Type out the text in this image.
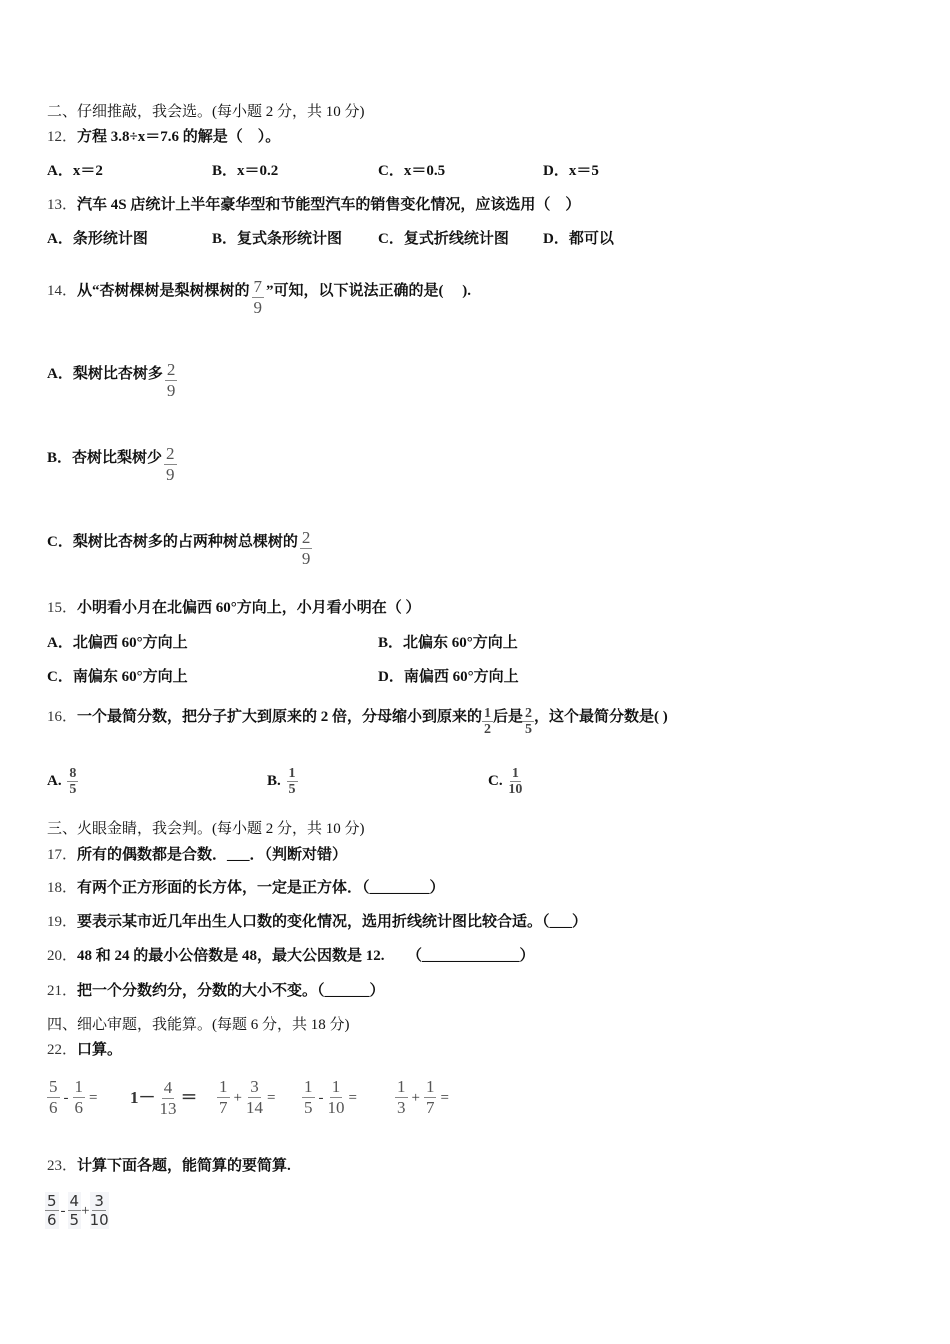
二、仔细推敲，我会选。(每小题 2 分，共 10 分)
12．方程 3.8÷x＝7.6 的解是（　）。
A．x＝2	B．x＝0.2	C．x＝0.5	D．x＝5
13．汽车 4S 店统计上半年豪华型和节能型汽车的销售变化情况，应该选用（　）
A．条形统计图	B．复式条形统计图 C．复式折线统计图 D．都可以
14．从“杏树棵树是梨树棵树的 $\frac{7}{9}$ ”可知，以下说法正确的是(　 ).
A．梨树比杏树多 $\frac{2}{9}$
B．杏树比梨树少 $\frac{2}{9}$
C．梨树比杏树多的占两种树总棵树的 $\frac{2}{9}$
15．小明看小月在北偏西 60°方向上，小月看小明在（ ）
A．北偏西 60°方向上	B．北偏东 60°方向上
C．南偏东 60°方向上	D．南偏西 60°方向上
16．一个最简分数，把分子扩大到原来的 2 倍，分母缩小到原来的 $\frac{1}{2}$ 后是 $\frac{2}{5}$ ，这个最简分数是( )
A. $\frac{8}{5}$	B. $\frac{1}{5}$	C. $\frac{1}{10}$
三、火眼金睛，我会判。(每小题 2 分，共 10 分)
17．所有的偶数都是合数．___．（判断对错）
18．有两个正方形面的长方体，一定是正方体．（________）
19．要表示某市近几年出生人口数的变化情况，选用折线统计图比较合适。（___）
20．48 和 24 的最小公倍数是 48，最大公因数是 12.　　（_____________）
21．把一个分数约分，分数的大小不变。（______）
四、细心审题，我能算。(每题 6 分，共 18 分)
22．口算。
$\frac{5}{6} - \frac{1}{6} = 1- \frac{4}{13} = \frac{1}{7} + \frac{3}{14} = \frac{1}{5} - \frac{1}{10} = \frac{1}{3} + \frac{1}{7}$ =
23．计算下面各题，能简算的要简算.
$\frac{5}{6} - \frac{4}{5} + \frac{3}{10}$
